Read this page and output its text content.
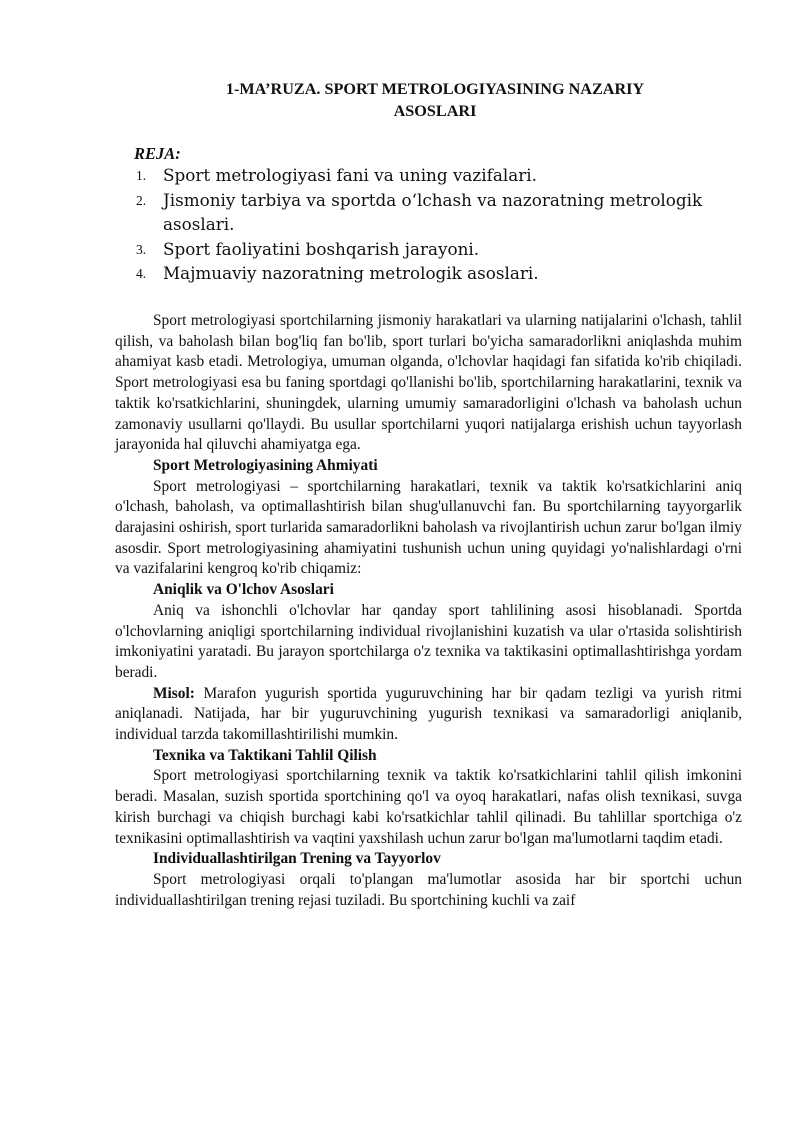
1-MA’RUZA. SPORT METROLOGIYASINING NAZARIY
ASOSLARI
REJA:
1. Sport metrologiyasi fani va uning vazifalari.
2. Jismoniy tarbiya va sportda oʻlchash va nazoratning metrologik asoslari.
3. Sport faoliyatini boshqarish jarayoni.
4. Majmuaviy nazoratning metrologik asoslari.

Sport metrologiyasi sportchilarning jismoniy harakatlari va ularning natijalarini o'lchash, tahlil qilish, va baholash bilan bog'liq fan bo'lib, sport turlari bo'yicha samaradorlikni aniqlashda muhim ahamiyat kasb etadi. Metrologiya, umuman olganda, o'lchovlar haqidagi fan sifatida ko'rib chiqiladi. Sport metrologiyasi esa bu faning sportdagi qo'llanishi bo'lib, sportchilarning harakatlarini, texnik va taktik ko'rsatkichlarini, shuningdek, ularning umumiy samaradorligini o'lchash va baholash uchun zamonaviy usullarni qo'llaydi. Bu usullar sportchilarni yuqori natijalarga erishish uchun tayyorlash jarayonida hal qiluvchi ahamiyatga ega.

Sport Metrologiyasining Ahmiyati

Sport metrologiyasi – sportchilarning harakatlari, texnik va taktik ko'rsatkichlarini aniq o'lchash, baholash, va optimallashtirish bilan shug'ullanuvchi fan. Bu sportchilarning tayyorgarlik darajasini oshirish, sport turlarida samaradorlikni baholash va rivojlantirish uchun zarur bo'lgan ilmiy asosdir. Sport metrologiyasining ahamiyatini tushunish uchun uning quyidagi yo'nalishlardagi o'rni va vazifalarini kengroq ko'rib chiqamiz:

Aniqlik va O'lchov Asoslari

Aniq va ishonchli o'lchovlar har qanday sport tahlilining asosi hisoblanadi. Sportda o'lchovlarning aniqligi sportchilarning individual rivojlanishini kuzatish va ular o'rtasida solishtirish imkoniyatini yaratadi. Bu jarayon sportchilarga o'z texnika va taktikasini optimallashtirishga yordam beradi.

Misol: Marafon yugurish sportida yuguruvchining har bir qadam tezligi va yurish ritmi aniqlanadi. Natijada, har bir yuguruvchining yugurish texnikasi va samaradorligi aniqlanib, individual tarzda takomillashtirilishi mumkin.

Texnika va Taktikani Tahlil Qilish

Sport metrologiyasi sportchilarning texnik va taktik ko'rsatkichlarini tahlil qilish imkonini beradi. Masalan, suzish sportida sportchining qo'l va oyoq harakatlari, nafas olish texnikasi, suvga kirish burchagi va chiqish burchagi kabi ko'rsatkichlar tahlil qilinadi. Bu tahlillar sportchiga o'z texnikasini optimallashtirish va vaqtini yaxshilash uchun zarur bo'lgan ma'lumotlarni taqdim etadi.

Individuallashtirilgan Trening va Tayyorlov

Sport metrologiyasi orqali to'plangan ma'lumotlar asosida har bir sportchi uchun individuallashtirilgan trening rejasi tuziladi. Bu sportchining kuchli va zaif
